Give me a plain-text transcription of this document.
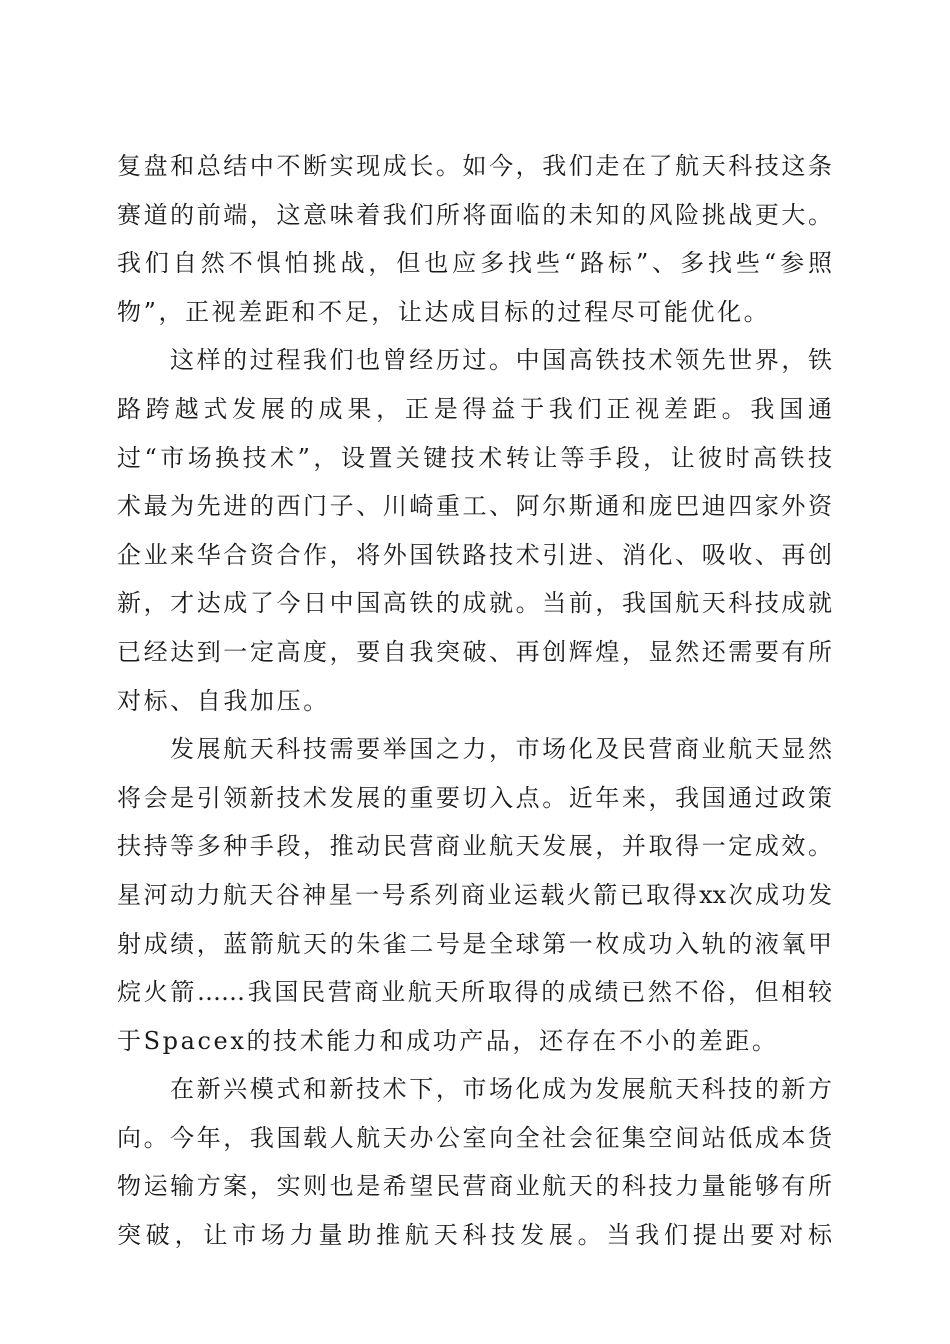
复盘和总结中不断实现成长。如今，我们走在了航天科技这条
赛道的前端，这意味着我们所将面临的未知的风险挑战更大。
我们自然不惧怕挑战，但也应多找些“路标”、多找些“参照
物”，正视差距和不足，让达成目标的过程尽可能优化。
这样的过程我们也曾经历过。中国高铁技术领先世界，铁
路跨越式发展的成果，正是得益于我们正视差距。我国通
过“市场换技术”，设置关键技术转让等手段，让彼时高铁技
术最为先进的西门子、川崎重工、阿尔斯通和庞巴迪四家外资
企业来华合资合作，将外国铁路技术引进、消化、吸收、再创
新，才达成了今日中国高铁的成就。当前，我国航天科技成就
已经达到一定高度，要自我突破、再创辉煌，显然还需要有所
对标、自我加压。
发展航天科技需要举国之力，市场化及民营商业航天显然
将会是引领新技术发展的重要切入点。近年来，我国通过政策
扶持等多种手段，推动民营商业航天发展，并取得一定成效。
星河动力航天谷神星一号系列商业运载火箭已取得xx次成功发
射成绩，蓝箭航天的朱雀二号是全球第一枚成功入轨的液氧甲
烷火箭……我国民营商业航天所取得的成绩已然不俗，但相较
于Spacex的技术能力和成功产品，还存在不小的差距。
在新兴模式和新技术下，市场化成为发展航天科技的新方
向。今年，我国载人航天办公室向全社会征集空间站低成本货
物运输方案，实则也是希望民营商业航天的科技力量能够有所
突破，让市场力量助推航天科技发展。当我们提出要对标
